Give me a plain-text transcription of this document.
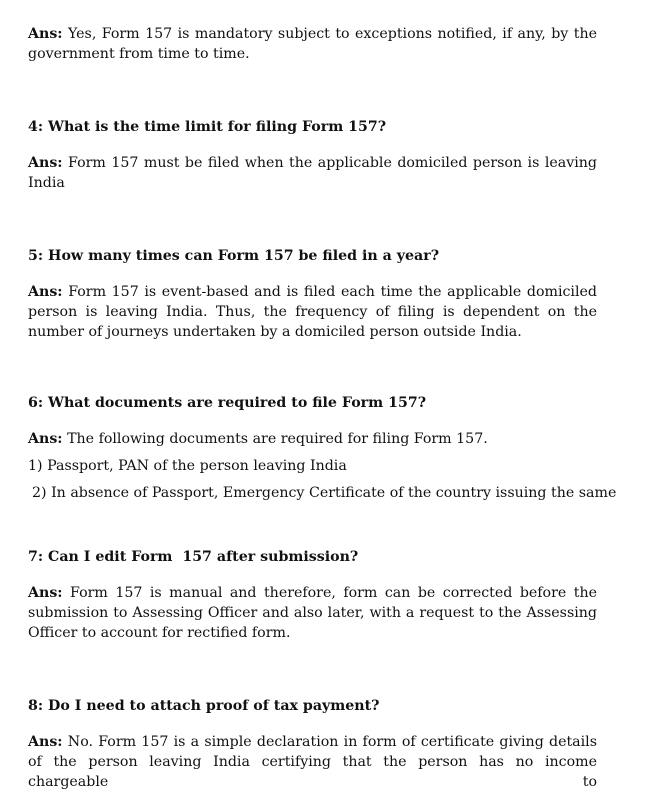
Ans: Yes, Form 157 is mandatory subject to exceptions notified, if any, by the government from time to time.

4: What is the time limit for filing Form 157?

Ans: Form 157 must be filed when the applicable domiciled person is leaving India

5: How many times can Form 157 be filed in a year?

Ans: Form 157 is event-based and is filed each time the applicable domiciled person is leaving India. Thus, the frequency of filing is dependent on the number of journeys undertaken by a domiciled person outside India.

6: What documents are required to file Form 157?

Ans: The following documents are required for filing Form 157.

1) Passport, PAN of the person leaving India

2) In absence of Passport, Emergency Certificate of the country issuing the same

7: Can I edit Form  157 after submission?

Ans: Form 157 is manual and therefore, form can be corrected before the submission to Assessing Officer and also later, with a request to the Assessing Officer to account for rectified form.

8: Do I need to attach proof of tax payment?

Ans: No. Form 157 is a simple declaration in form of certificate giving details of the person leaving India certifying that the person has no income chargeable to
